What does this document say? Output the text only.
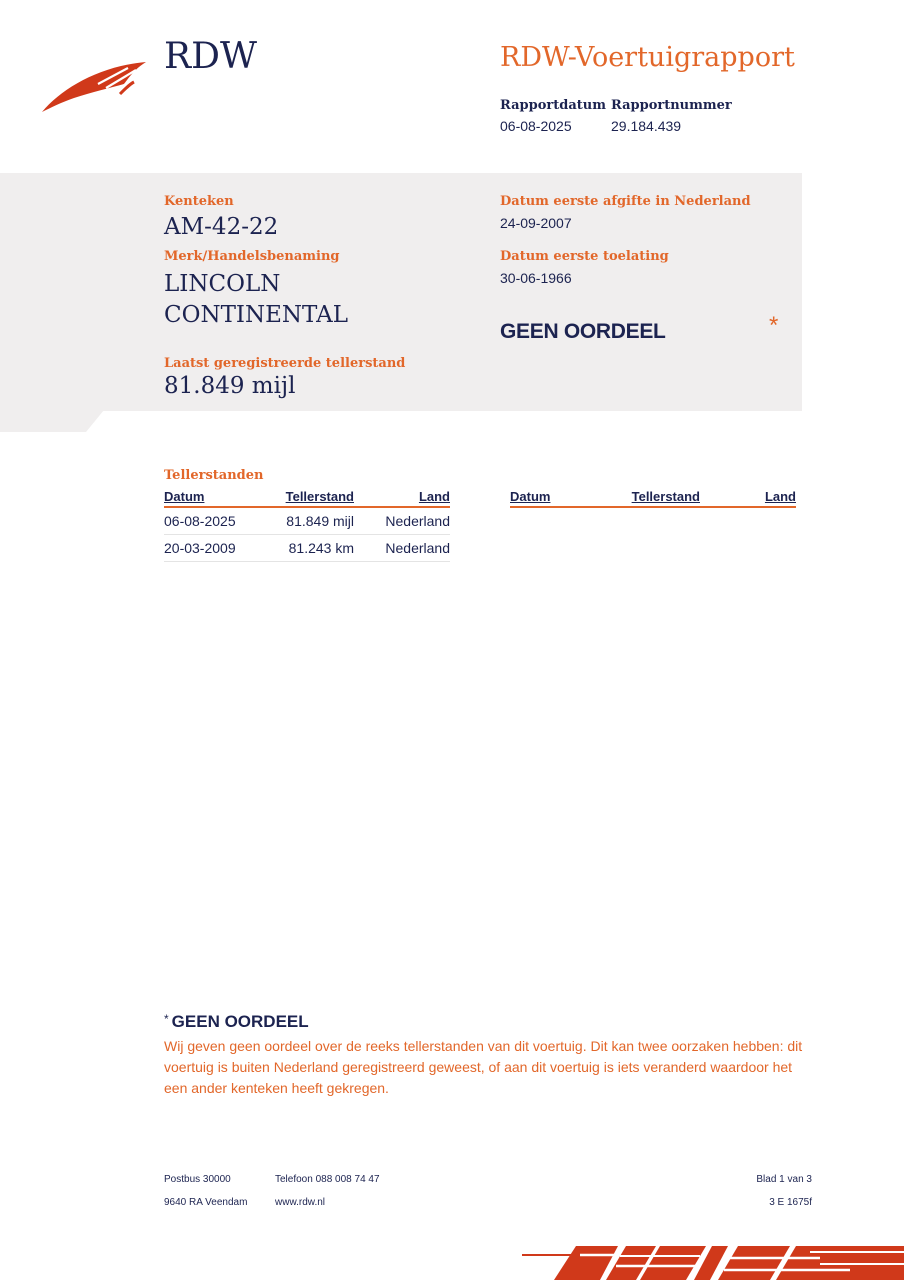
RDW	RDW-Voertuigrapport
Rapportdatum
06-08-2025
Rapportnummer
29.184.439
Kenteken
AM-42-22
Merk/Handelsbenaming
LINCOLN
CONTINENTAL
Laatst geregistreerde tellerstand
81.849 mijl
Datum eerste afgifte in Nederland
24-09-2007
Datum eerste toelating
30-06-1966
GEEN OORDEEL	*
Tellerstanden
Datum	Tellerstand	Land
06-08-2025	81.849 mijl	Nederland
20-03-2009	81.243 km	Nederland
Datum	Tellerstand	Land
* GEEN OORDEEL
Wij geven geen oordeel over de reeks tellerstanden van dit voertuig. Dit kan twee oorzaken hebben: dit voertuig is buiten Nederland geregistreerd geweest, of aan dit voertuig is iets veranderd waardoor het een ander kenteken heeft gekregen.
Postbus 30000
9640 RA Veendam
Telefoon 088 008 74 47
www.rdw.nl
Blad 1 van 3
3 E 1675f
